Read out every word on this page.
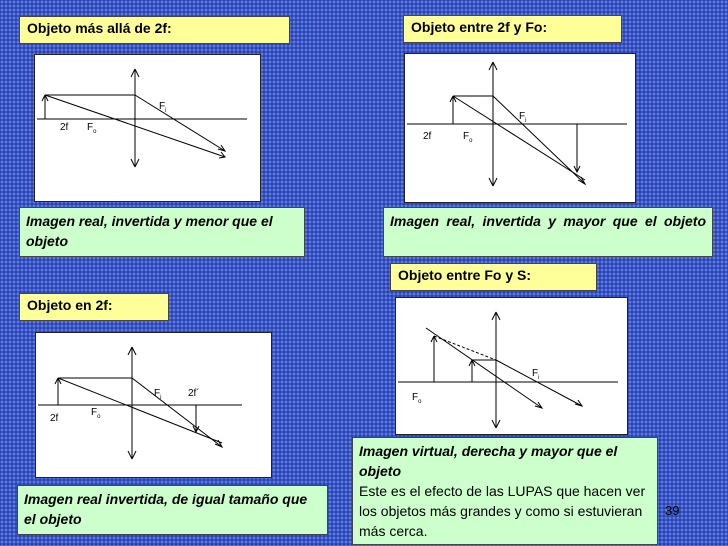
Objeto más allá de 2f:
2f $F_o$
$F_i$
Imagen real, invertida y menor que el objeto
Objeto entre 2f y Fo:
2f	$F_o$
$F_i$
Imagen real, invertida y mayor que el objeto
Objeto en 2f:
2f
$F_o$
$F_i$	2f´
Imagen real invertida, de igual tamaño que el objeto
Objeto entre Fo y S:
$F_o$
$F_i$
Imagen virtual, derecha y mayor que el objeto
Este es el efecto de las LUPAS que hacen ver los objetos más grandes y como si estuvieran más cerca.
39
